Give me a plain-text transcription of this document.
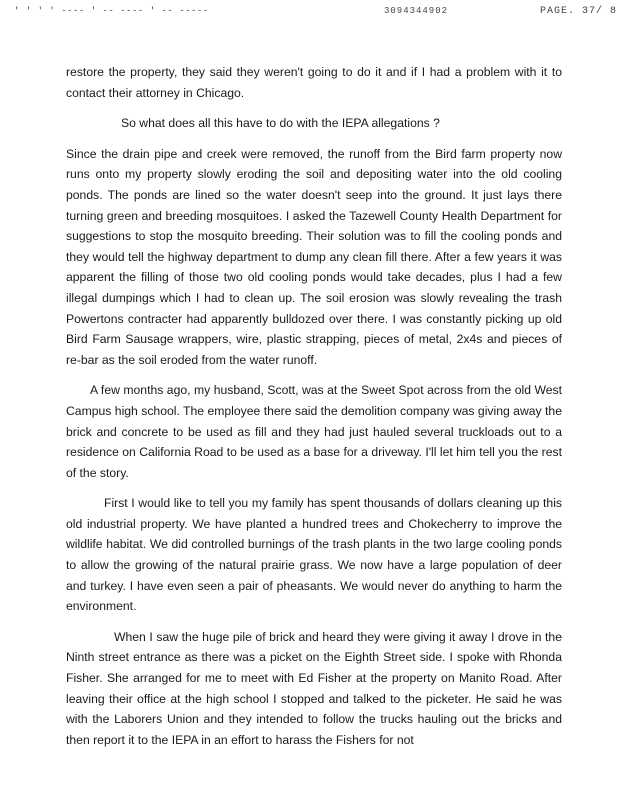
' ' ' ' ---- ' -- ---- ' -- -----	3094344902	PAGE. 37/ 8

restore the property, they said they weren't going to do it and if I had a problem with it to contact their attorney in Chicago.

So what does all this have to do with the IEPA allegations ?

Since the drain pipe and creek were removed, the runoff from the Bird farm property now runs onto my property slowly eroding the soil and depositing water into the old cooling ponds. The ponds are lined so the water doesn't seep into the ground. It just lays there turning green and breeding mosquitoes. I asked the Tazewell County Health Department for suggestions to stop the mosquito breeding. Their solution was to fill the cooling ponds and they would tell the highway department to dump any clean fill there. After a few years it was apparent the filling of those two old cooling ponds would take decades, plus I had a few illegal dumpings which I had to clean up. The soil erosion was slowly revealing the trash Powertons contracter had apparently bulldozed over there. I was constantly picking up old Bird Farm Sausage wrappers, wire, plastic strapping, pieces of metal, 2x4s and pieces of re-bar as the soil eroded from the water runoff.

A few months ago, my husband, Scott, was at the Sweet Spot across from the old West Campus high school. The employee there said the demolition company was giving away the brick and concrete to be used as fill and they had just hauled several truckloads out to a residence on California Road to be used as a base for a driveway. I'll let him tell you the rest of the story.

First I would like to tell you my family has spent thousands of dollars cleaning up this old industrial property. We have planted a hundred trees and Chokecherry to improve the wildlife habitat. We did controlled burnings of the trash plants in the two large cooling ponds to allow the growing of the natural prairie grass. We now have a large population of deer and turkey. I have even seen a pair of pheasants. We would never do anything to harm the environment.

When I saw the huge pile of brick and heard they were giving it away I drove in the Ninth street entrance as there was a picket on the Eighth Street side. I spoke with Rhonda Fisher. She arranged for me to meet with Ed Fisher at the property on Manito Road. After leaving their office at the high school I stopped and talked to the picketer. He said he was with the Laborers Union and they intended to follow the trucks hauling out the bricks and then report it to the IEPA in an effort to harass the Fishers for not
